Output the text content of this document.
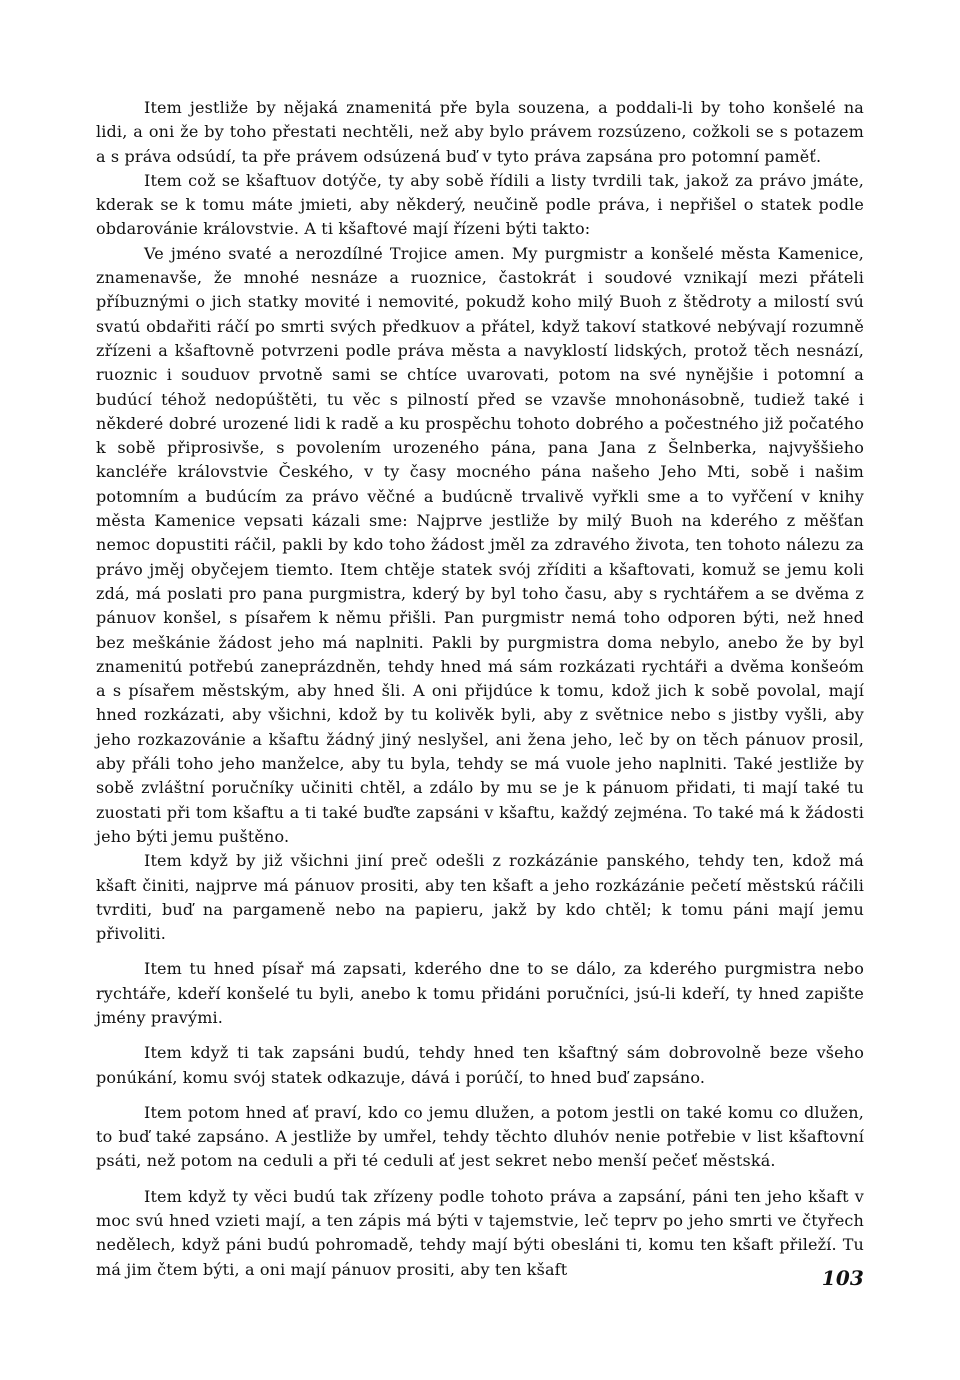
Item jestliže by nějaká znamenitá pře byla souzena, a poddali-li by toho konšelé na lidi, a oni že by toho přestati nechtěli, než aby bylo právem rozsúzeno, cožkoli se s potazem a s práva odsúdí, ta pře právem odsúzená buď v tyto práva zapsána pro potomní paměť.

Item což se kšaftuov dotýče, ty aby sobě řídili a listy tvrdili tak, jakož za právo jmáte, kderak se k tomu máte jmieti, aby někderý, neučině podle práva, i nepřišel o statek podle obdarovánie královstvie. A ti kšaftové mají řízeni býti takto:

Ve jméno svaté a nerozdílné Trojice amen. My purgmistr a konšelé města Kamenice, znamenavše, že mnohé nesnáze a ruoznice, častokrát i soudové vznikají mezi přáteli příbuznými o jich statky movité i nemovité, pokudž koho milý Buoh z štědroty a milostí svú svatú obdařiti ráčí po smrti svých předkuov a přátel, když takoví statkové nebývají rozumně zřízeni a kšaftovně potvrzeni podle práva města a navyklostí lidských, protož těch nesnází, ruoznic i souduov prvotně sami se chtíce uvarovati, potom na své nynějšie i potomní a budúcí téhož nedopúštěti, tu věc s pilností před se vzavše mnohonásobně, tudiež také i někderé dobré urozené lidi k radě a ku prospěchu tohoto dobrého a počestného již počatého k sobě připrosivše, s povolením urozeného pána, pana Jana z Šelnberka, najvyššieho kancléře královstvie Českého, v ty časy mocného pána našeho Jeho Mti, sobě i našim potomním a budúcím za právo věčné a budúcně trvalivě vyřkli sme a to vyřčení v knihy města Kamenice vepsati kázali sme: Najprve jestliže by milý Buoh na kderého z měšťan nemoc dopustiti ráčil, pakli by kdo toho žádost jměl za zdravého života, ten tohoto nálezu za právo jměj obyčejem tiemto. Item chtěje statek svój zříditi a kšaftovati, komuž se jemu koli zdá, má poslati pro pana purgmistra, kderý by byl toho času, aby s rychtářem a se dvěma z pánuov konšel, s písařem k němu přišli. Pan purgmistr nemá toho odporen býti, než hned bez meškánie žádost jeho má naplniti. Pakli by purgmistra doma nebylo, anebo že by byl znamenitú potřebú zaneprázdněn, tehdy hned má sám rozkázati rychtáři a dvěma konšeóm a s písařem městským, aby hned šli. A oni přijdúce k tomu, kdož jich k sobě povolal, mají hned rozkázati, aby všichni, kdož by tu kolivěk byli, aby z světnice nebo s jistby vyšli, aby jeho rozkazovánie a kšaftu žádný jiný neslyšel, ani žena jeho, leč by on těch pánuov prosil, aby přáli toho jeho manželce, aby tu byla, tehdy se má vuole jeho naplniti. Také jestliže by sobě zvláštní poručníky učiniti chtěl, a zdálo by mu se je k pánuom přidati, ti mají také tu zuostati při tom kšaftu a ti také buďte zapsáni v kšaftu, každý zejména. To také má k žádosti jeho býti jemu puštěno.

Item když by již všichni jiní preč odešli z rozkázánie panského, tehdy ten, kdož má kšaft činiti, najprve má pánuov prositi, aby ten kšaft a jeho rozkázánie pečetí městskú ráčili tvrditi, buď na pargameně nebo na papieru, jakž by kdo chtěl; k tomu páni mají jemu přivoliti.

Item tu hned písař má zapsati, kderého dne to se dálo, za kderého purgmistra nebo rychtáře, kdeří konšelé tu byli, anebo k tomu přidáni poručníci, jsú-li kdeří, ty hned zapište jmény pravými.

Item když ti tak zapsáni budú, tehdy hned ten kšaftný sám dobrovolně beze všeho ponúkání, komu svój statek odkazuje, dává i porúčí, to hned buď zapsáno.

Item potom hned ať praví, kdo co jemu dlužen, a potom jestli on také komu co dlužen, to buď také zapsáno. A jestliže by umřel, tehdy těchto dluhóv nenie potřebie v list kšaftovní psáti, než potom na ceduli a při té ceduli ať jest sekret nebo menší pečeť městská.

Item když ty věci budú tak zřízeny podle tohoto práva a zapsání, páni ten jeho kšaft v moc svú hned vzieti mají, a ten zápis má býti v tajemstvie, leč teprv po jeho smrti ve čtyřech nedělech, když páni budú pohromadě, tehdy mají býti obesláni ti, komu ten kšaft přileží. Tu má jim čtem býti, a oni mají pánuov prositi, aby ten kšaft	103
